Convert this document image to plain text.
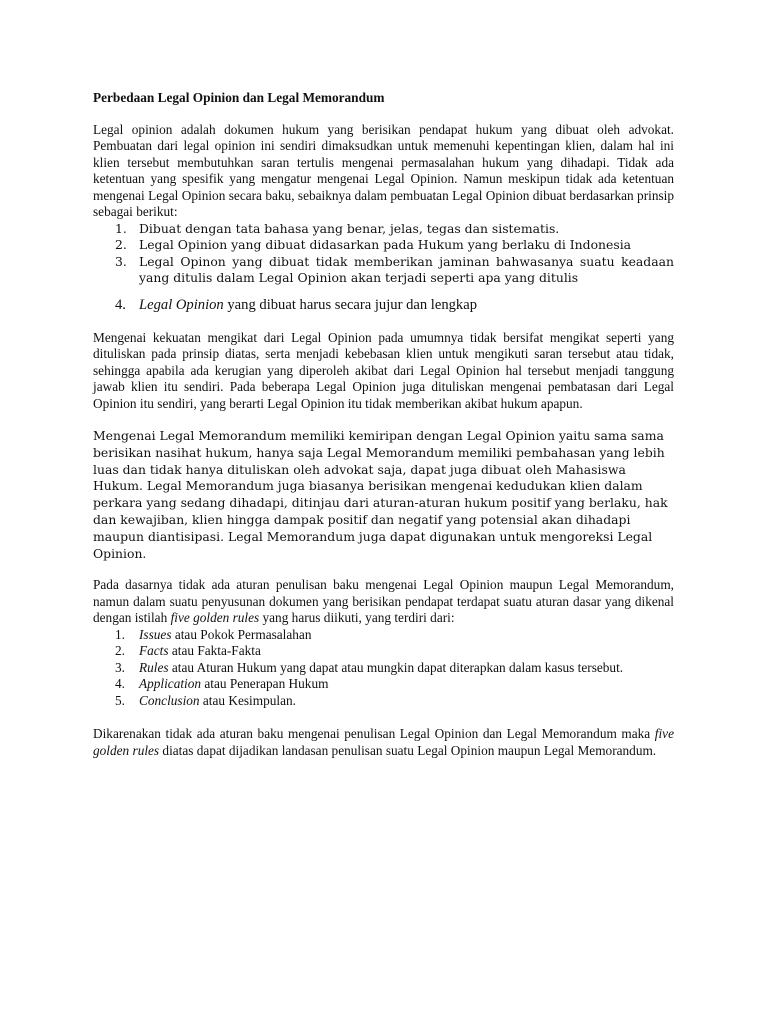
Perbedaan Legal Opinion dan Legal Memorandum

Legal opinion adalah dokumen hukum yang berisikan pendapat hukum yang dibuat oleh advokat. Pembuatan dari legal opinion ini sendiri dimaksudkan untuk memenuhi kepentingan klien, dalam hal ini klien tersebut membutuhkan saran tertulis mengenai permasalahan hukum yang dihadapi. Tidak ada ketentuan yang spesifik yang mengatur mengenai Legal Opinion. Namun meskipun tidak ada ketentuan mengenai Legal Opinion secara baku, sebaiknya dalam pembuatan Legal Opinion dibuat berdasarkan prinsip sebagai berikut:

1. Dibuat dengan tata bahasa yang benar, jelas, tegas dan sistematis.
2. Legal Opinion yang dibuat didasarkan pada Hukum yang berlaku di Indonesia
3. Legal Opinon yang dibuat tidak memberikan jaminan bahwasanya suatu keadaan yang ditulis dalam Legal Opinion akan terjadi seperti apa yang ditulis
4. Legal Opinion yang dibuat harus secara jujur dan lengkap

Mengenai kekuatan mengikat dari Legal Opinion pada umumnya tidak bersifat mengikat seperti yang dituliskan pada prinsip diatas, serta menjadi kebebasan klien untuk mengikuti saran tersebut atau tidak, sehingga apabila ada kerugian yang diperoleh akibat dari Legal Opinion hal tersebut menjadi tanggung jawab klien itu sendiri. Pada beberapa Legal Opinion juga dituliskan mengenai pembatasan dari Legal Opinion itu sendiri, yang berarti Legal Opinion itu tidak memberikan akibat hukum apapun.

Mengenai Legal Memorandum memiliki kemiripan dengan Legal Opinion yaitu sama sama berisikan nasihat hukum, hanya saja Legal Memorandum memiliki pembahasan yang lebih luas dan tidak hanya dituliskan oleh advokat saja, dapat juga dibuat oleh Mahasiswa Hukum. Legal Memorandum juga biasanya berisikan mengenai kedudukan klien dalam perkara yang sedang dihadapi, ditinjau dari aturan-aturan hukum positif yang berlaku, hak dan kewajiban, klien hingga dampak positif dan negatif yang potensial akan dihadapi maupun diantisipasi. Legal Memorandum juga dapat digunakan untuk mengoreksi Legal Opinion.

Pada dasarnya tidak ada aturan penulisan baku mengenai Legal Opinion maupun Legal Memorandum, namun dalam suatu penyusunan dokumen yang berisikan pendapat terdapat suatu aturan dasar yang dikenal dengan istilah five golden rules yang harus diikuti, yang terdiri dari:

1. Issues atau Pokok Permasalahan
2. Facts atau Fakta-Fakta
3. Rules atau Aturan Hukum yang dapat atau mungkin dapat diterapkan dalam kasus tersebut.
4. Application atau Penerapan Hukum
5. Conclusion atau Kesimpulan.

Dikarenakan tidak ada aturan baku mengenai penulisan Legal Opinion dan Legal Memorandum maka five golden rules diatas dapat dijadikan landasan penulisan suatu Legal Opinion maupun Legal Memorandum.
